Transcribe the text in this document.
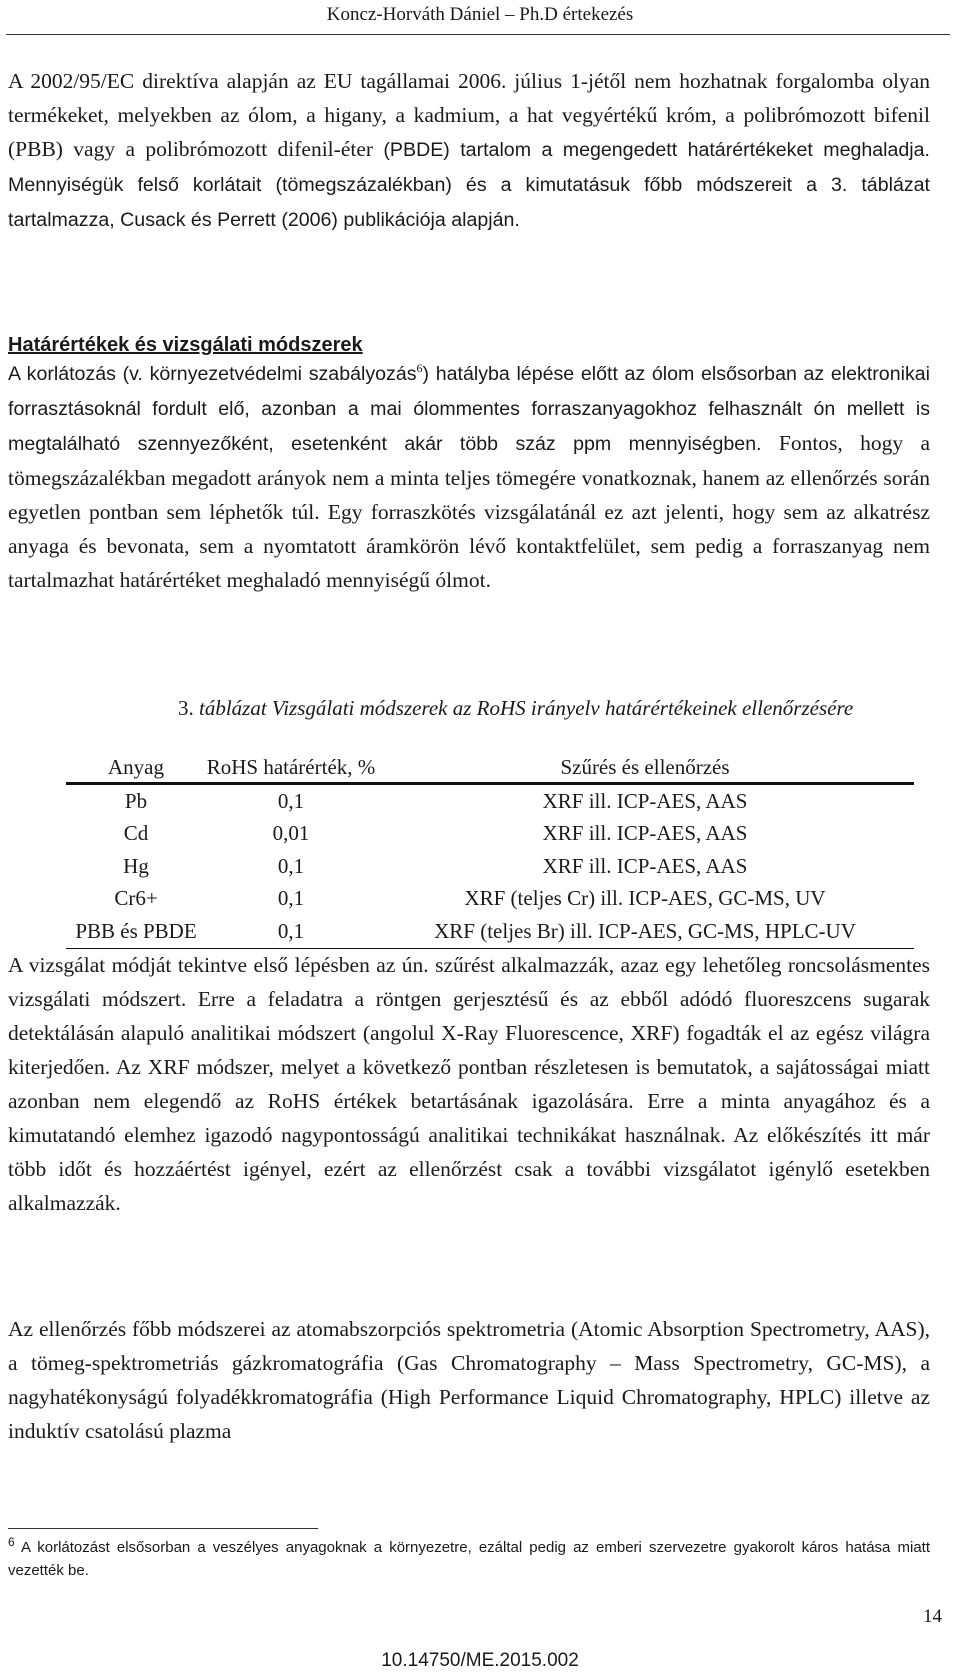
Koncz-Horváth Dániel – Ph.D értekezés

A 2002/95/EC direktíva alapján az EU tagállamai 2006. július 1-jétől nem hozhatnak forgalomba olyan termékeket, melyekben az ólom, a higany, a kadmium, a hat vegyértékű króm, a polibrómozott bifenil (PBB) vagy a polibrómozott difenil-éter (PBDE) tartalom a megengedett határértékeket meghaladja. Mennyiségük felső korlátait (tömegszázalékban) és a kimutatásuk főbb módszereit a 3. táblázat tartalmazza, Cusack és Perrett (2006) publikációja alapján.

Határértékek és vizsgálati módszerek

A korlátozás (v. környezetvédelmi szabályozás$^6$) hatályba lépése előtt az ólom elsősorban az elektronikai forrasztásoknál fordult elő, azonban a mai ólommentes forraszanyagokhoz felhasznált ón mellett is megtalálható szennyezőként, esetenként akár több száz ppm mennyiségben. Fontos, hogy a tömegszázalékban megadott arányok nem a minta teljes tömegére vonatkoznak, hanem az ellenőrzés során egyetlen pontban sem léphetők túl. Egy forraszkötés vizsgálatánál ez azt jelenti, hogy sem az alkatrész anyaga és bevonata, sem a nyomtatott áramkörön lévő kontaktfelület, sem pedig a forraszanyag nem tartalmazhat határértéket meghaladó mennyiségű ólmot.

3. táblázat Vizsgálati módszerek az RoHS irányelv határértékeinek ellenőrzésére

Anyag	RoHS határérték, %	Szűrés és ellenőrzés
Pb	0,1	XRF ill. ICP-AES, AAS
Cd	0,01	XRF ill. ICP-AES, AAS
Hg	0,1	XRF ill. ICP-AES, AAS
Cr6+	0,1	XRF (teljes Cr) ill. ICP-AES, GC-MS, UV
PBB és PBDE	0,1	XRF (teljes Br) ill. ICP-AES, GC-MS, HPLC-UV

A vizsgálat módját tekintve első lépésben az ún. szűrést alkalmazzák, azaz egy lehetőleg roncsolásmentes vizsgálati módszert. Erre a feladatra a röntgen gerjesztésű és az ebből adódó fluoreszcens sugarak detektálásán alapuló analitikai módszert (angolul X-Ray Fluorescence, XRF) fogadták el az egész világra kiterjedően. Az XRF módszer, melyet a következő pontban részletesen is bemutatok, a sajátosságai miatt azonban nem elegendő az RoHS értékek betartásának igazolására. Erre a minta anyagához és a kimutatandó elemhez igazodó nagypontosságú analitikai technikákat használnak. Az előkészítés itt már több időt és hozzáértést igényel, ezért az ellenőrzést csak a további vizsgálatot igénylő esetekben alkalmazzák.

Az ellenőrzés főbb módszerei az atomabszorpciós spektrometria (Atomic Absorption Spectrometry, AAS), a tömeg-spektrometriás gázkromatográfia (Gas Chromatography – Mass Spectrometry, GC-MS), a nagyhatékonyságú folyadékkromatográfia (High Performance Liquid Chromatography, HPLC) illetve az induktív csatolású plazma

$^6$ A korlátozást elsősorban a veszélyes anyagoknak a környezetre, ezáltal pedig az emberi szervezetre gyakorolt káros hatása miatt vezették be.

14
10.14750/ME.2015.002
